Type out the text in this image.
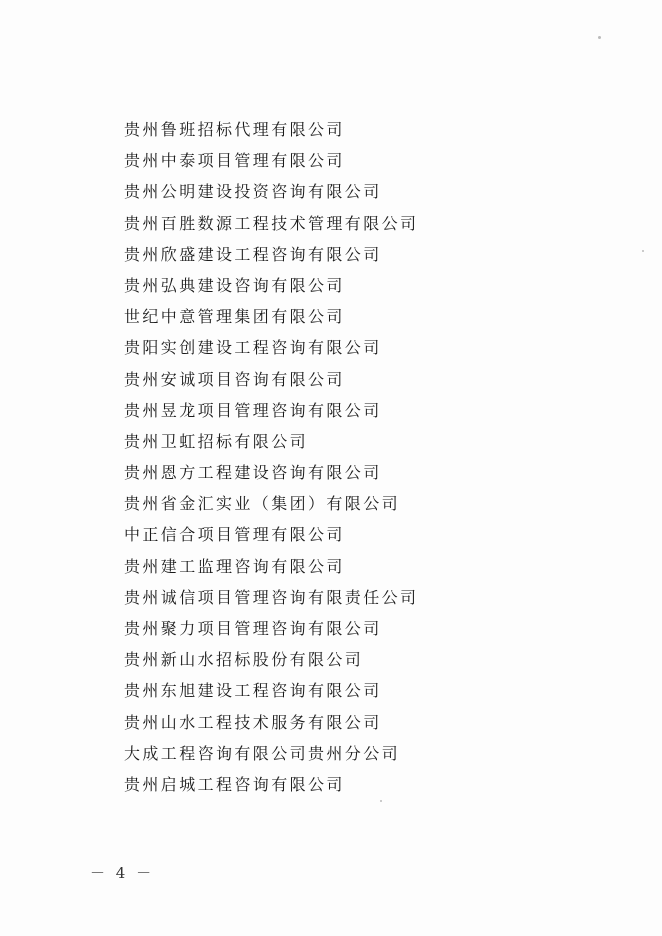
贵州鲁班招标代理有限公司
贵州中泰项目管理有限公司
贵州公明建设投资咨询有限公司
贵州百胜数源工程技术管理有限公司
贵州欣盛建设工程咨询有限公司
贵州弘典建设咨询有限公司
世纪中意管理集团有限公司
贵阳实创建设工程咨询有限公司
贵州安诚项目咨询有限公司
贵州昱龙项目管理咨询有限公司
贵州卫虹招标有限公司
贵州恩方工程建设咨询有限公司
贵州省金汇实业（集团）有限公司
中正信合项目管理有限公司
贵州建工监理咨询有限公司
贵州诚信项目管理咨询有限责任公司
贵州聚力项目管理咨询有限公司
贵州新山水招标股份有限公司
贵州东旭建设工程咨询有限公司
贵州山水工程技术服务有限公司
大成工程咨询有限公司贵州分公司
贵州启城工程咨询有限公司
－ 4 －
